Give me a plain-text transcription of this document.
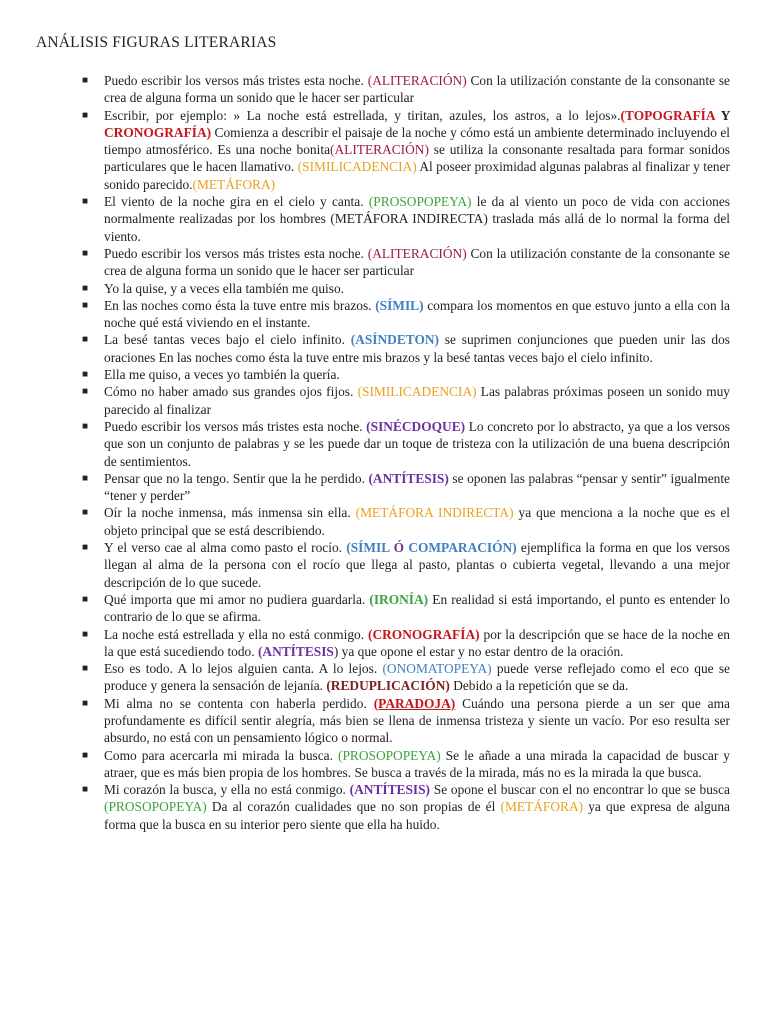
ANÁLISIS FIGURAS LITERARIAS
■ Puedo escribir los versos más tristes esta noche. (ALITERACIÓN) Con la utilización constante de la consonante se crea de alguna forma un sonido que le hacer ser particular
■ Escribir, por ejemplo: » La noche está estrellada, y tiritan, azules, los astros, a lo lejos».(TOPOGRAFÍA Y CRONOGRAFÍA) Comienza a describir el paisaje de la noche y cómo está un ambiente determinado incluyendo el tiempo atmosférico. Es una noche bonita(ALITERACIÓN) se utiliza la consonante resaltada para formar sonidos particulares que le hacen llamativo. (SIMILICADENCIA) Al poseer proximidad algunas palabras al finalizar y tener sonido parecido.(METÁFORA)
■ El viento de la noche gira en el cielo y canta. (PROSOPOPEYA) le da al viento un poco de vida con acciones normalmente realizadas por los hombres (METÁFORA INDIRECTA) traslada más allá de lo normal la forma del viento.
■ Puedo escribir los versos más tristes esta noche. (ALITERACIÓN) Con la utilización constante de la consonante se crea de alguna forma un sonido que le hacer ser particular
■ Yo la quise, y a veces ella también me quiso.
■ En las noches como ésta la tuve entre mis brazos. (SÍMIL) compara los momentos en que estuvo junto a ella con la noche qué está viviendo en el instante.
■ La besé tantas veces bajo el cielo infinito. (ASÍNDETON) se suprimen conjunciones que pueden unir las dos oraciones En las noches como ésta la tuve entre mis brazos y la besé tantas veces bajo el cielo infinito.
■ Ella me quiso, a veces yo también la quería.
■ Cómo no haber amado sus grandes ojos fijos. (SIMILICADENCIA) Las palabras próximas poseen un sonido muy parecido al finalizar
■ Puedo escribir los versos más tristes esta noche. (SINÉCDOQUE) Lo concreto por lo abstracto, ya que a los versos que son un conjunto de palabras y se les puede dar un toque de tristeza con la utilización de una buena descripción de sentimientos.
■ Pensar que no la tengo. Sentir que la he perdido. (ANTÍTESIS) se oponen las palabras “pensar y sentir” igualmente “tener y perder”
■ Oír la noche inmensa, más inmensa sin ella. (METÁFORA INDIRECTA) ya que menciona a la noche que es el objeto principal que se está describiendo.
■ Y el verso cae al alma como pasto el rocío. (SÍMIL Ó COMPARACIÓN) ejemplifica la forma en que los versos llegan al alma de la persona con el rocío que llega al pasto, plantas o cubierta vegetal, llevando a una mejor descripción de lo que sucede.
■ Qué importa que mi amor no pudiera guardarla. (IRONÍA) En realidad si está importando, el punto es entender lo contrario de lo que se afirma.
■ La noche está estrellada y ella no está conmigo. (CRONOGRAFÍA) por la descripción que se hace de la noche en la que está sucediendo todo. (ANTÍTESIS) ya que opone el estar y no estar dentro de la oración.
■ Eso es todo. A lo lejos alguien canta. A lo lejos. (ONOMATOPEYA) puede verse reflejado como el eco que se produce y genera la sensación de lejanía. (REDUPLICACIÓN) Debido a la repetición que se da.
■ Mi alma no se contenta con haberla perdido. (PARADOJA) Cuándo una persona pierde a un ser que ama profundamente es difícil sentir alegría, más bien se llena de inmensa tristeza y siente un vacío. Por eso resulta ser absurdo, no está con un pensamiento lógico o normal.
■ Como para acercarla mi mirada la busca. (PROSOPOPEYA) Se le añade a una mirada la capacidad de buscar y atraer, que es más bien propia de los hombres. Se busca a través de la mirada, más no es la mirada la que busca.
■ Mi corazón la busca, y ella no está conmigo. (ANTÍTESIS) Se opone el buscar con el no encontrar lo que se busca (PROSOPOPEYA) Da al corazón cualidades que no son propias de él (METÁFORA) ya que expresa de alguna forma que la busca en su interior pero siente que ella ha huido.
